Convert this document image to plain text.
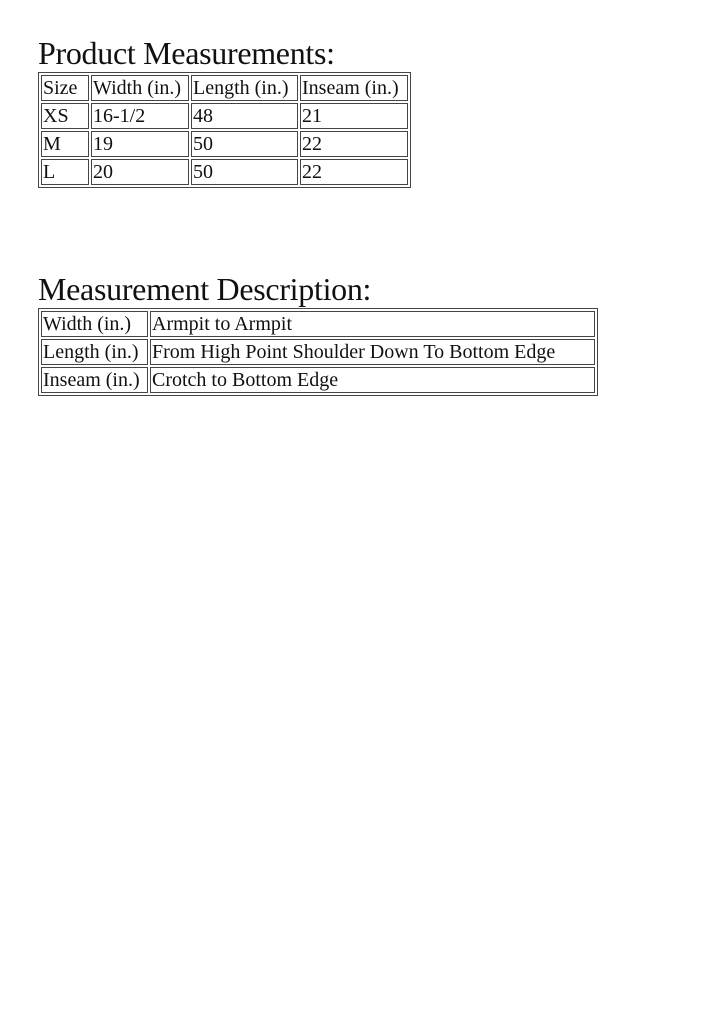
Product Measurements:
Size	Width (in.)	Length (in.)	Inseam (in.)
XS	16-1/2	48	21
M	19	50	22
L	20	50	22
Measurement Description:
Width (in.)	Armpit to Armpit
Length (in.)	From High Point Shoulder Down To Bottom Edge
Inseam (in.)	Crotch to Bottom Edge
